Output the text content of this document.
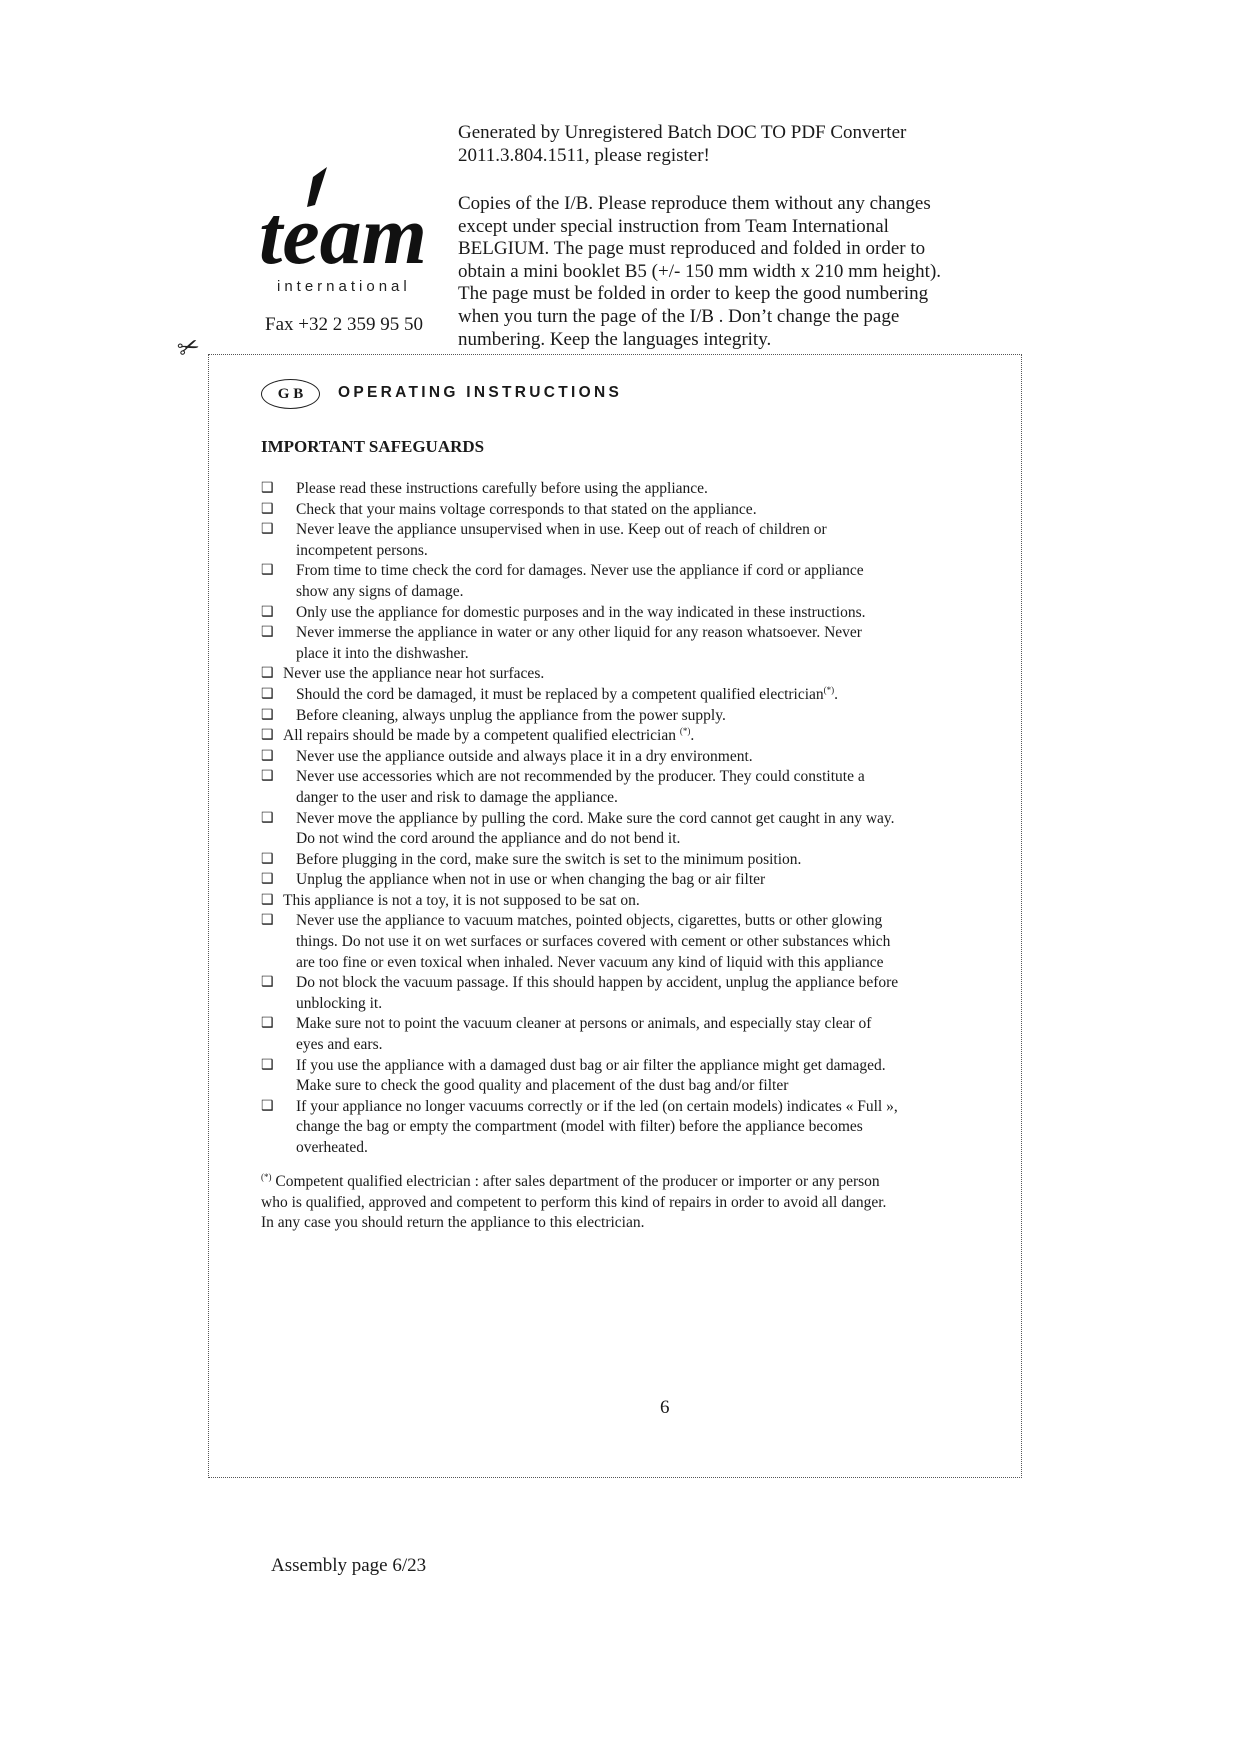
Generated by Unregistered Batch DOC TO PDF Converter
2011.3.804.1511, please register!
Copies of the I/B. Please reproduce them without any changes
except under special instruction from Team International
BELGIUM. The page must reproduced and folded in order to
obtain a mini booklet B5 (+/- 150 mm width x 210 mm height).
The page must be folded in order to keep the good numbering
when you turn the page of the I/B . Don’t change the page
numbering. Keep the languages integrity.
team
international
Fax +32 2 359 95 50
✂
G B	OPERATING INSTRUCTIONS
IMPORTANT SAFEGUARDS
❑	Please read these instructions carefully before using the appliance.
❑	Check that your mains voltage corresponds to that stated on the appliance.
❑	Never leave the appliance unsupervised when in use. Keep out of reach of children or
incompetent persons.
❑	From time to time check the cord for damages. Never use the appliance if cord or appliance
show any signs of damage.
❑	Only use the appliance for domestic purposes and in the way indicated in these instructions.
❑	Never immerse the appliance in water or any other liquid for any reason whatsoever. Never
place it into the dishwasher.
❑ Never use the appliance near hot surfaces.
❑	Should the cord be damaged, it must be replaced by a competent qualified electrician(*).
❑	Before cleaning, always unplug the appliance from the power supply.
❑ All repairs should be made by a competent qualified electrician (*).
❑	Never use the appliance outside and always place it in a dry environment.
❑	Never use accessories which are not recommended by the producer. They could constitute a
danger to the user and risk to damage the appliance.
❑	Never move the appliance by pulling the cord. Make sure the cord cannot get caught in any way.
Do not wind the cord around the appliance and do not bend it.
❑	Before plugging in the cord, make sure the switch is set to the minimum position.
❑	Unplug the appliance when not in use or when changing the bag or air filter
❑ This appliance is not a toy, it is not supposed to be sat on.
❑	Never use the appliance to vacuum matches, pointed objects, cigarettes, butts or other glowing
things. Do not use it on wet surfaces or surfaces covered with cement or other substances which
are too fine or even toxical when inhaled. Never vacuum any kind of liquid with this appliance
❑	Do not block the vacuum passage. If this should happen by accident, unplug the appliance before
unblocking it.
❑	Make sure not to point the vacuum cleaner at persons or animals, and especially stay clear of
eyes and ears.
❑	If you use the appliance with a damaged dust bag or air filter the appliance might get damaged.
Make sure to check the good quality and placement of the dust bag and/or filter
❑	If your appliance no longer vacuums correctly or if the led (on certain models) indicates « Full »,
change the bag or empty the compartment (model with filter) before the appliance becomes
overheated.
(*) Competent qualified electrician : after sales department of the producer or importer or any person
who is qualified, approved and competent to perform this kind of repairs in order to avoid all danger.
In any case you should return the appliance to this electrician.
6
Assembly page 6/23
